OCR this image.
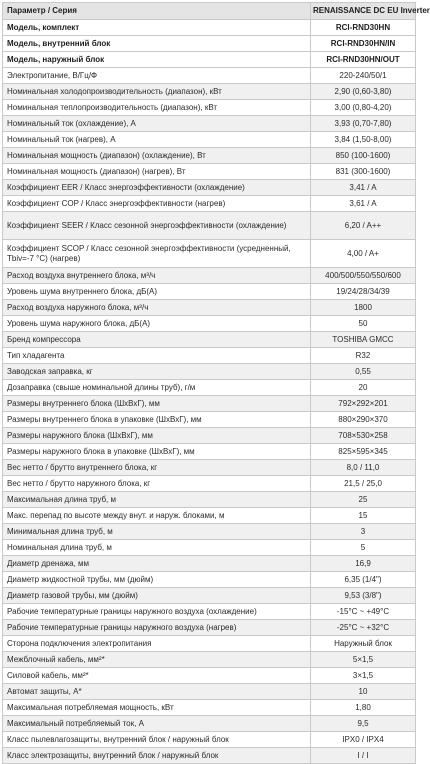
Параметр / Серия	RENAISSANCE DC EU Inverter
Модель, комплект	RCI-RND30HN
Модель, внутренний блок	RCI-RND30HN/IN
Модель, наружный блок	RCI-RND30HN/OUT
Электропитание, В/Гц/Ф	220-240/50/1
Номинальная холодопроизводительность (диапазон), кВт	2,90 (0,60-3,80)
Номинальная теплопроизводительность (диапазон), кВт	3,00 (0,80-4,20)
Номинальный ток (охлаждение), А	3,93 (0,70-7,80)
Номинальный ток (нагрев), А	3,84 (1,50-8,00)
Номинальная мощность (диапазон) (охлаждение), Вт	850 (100-1600)
Номинальная мощность (диапазон) (нагрев), Вт	831 (300-1600)
Коэффициент EER / Класс энергоэффективности (охлаждение)	3,41 / A
Коэффициент COP / Класс энергоэффективности (нагрев)	3,61 / A
Коэффициент SEER / Класс сезонной энергоэффективности (охлаждение)	6,20 / A++
Коэффициент SCOP / Класс сезонной энергоэффективности (усредненный, Tbiv=-7 °C) (нагрев)	4,00 / A+
Расход воздуха внутреннего блока, м³/ч	400/500/550/550/600
Уровень шума внутреннего блока, дБ(А)	19/24/28/34/39
Расход воздуха наружного блока, м³/ч	1800
Уровень шума наружного блока, дБ(А)	50
Бренд компрессора	TOSHIBA GMCC
Тип хладагента	R32
Заводская заправка, кг	0,55
Дозаправка (свыше номинальной длины труб), г/м	20
Размеры внутреннего блока (ШхВхГ), мм	792×292×201
Размеры внутреннего блока в упаковке (ШхВхГ), мм	880×290×370
Размеры наружного блока (ШхВхГ), мм	708×530×258
Размеры наружного блока в упаковке (ШхВхГ), мм	825×595×345
Вес нетто / брутто внутреннего блока, кг	8,0 / 11,0
Вес нетто / брутто наружного блока, кг	21,5 / 25,0
Максимальная длина труб, м	25
Макс. перепад по высоте между внут. и наруж. блоками, м	15
Минимальная длина труб, м	3
Номинальная длина труб, м	5
Диаметр дренажа, мм	16,9
Диаметр жидкостной трубы, мм (дюйм)	6,35 (1/4")
Диаметр газовой трубы, мм (дюйм)	9,53 (3/8")
Рабочие температурные границы наружного воздуха (охлаждение)	-15°C ~ +49°C
Рабочие температурные границы наружного воздуха (нагрев)	-25°C ~ +32°C
Сторона подключения электропитания	Наружный блок
Межблочный кабель, мм²*	5×1,5
Силовой кабель, мм²*	3×1,5
Автомат защиты, А*	10
Максимальная потребляемая мощность, кВт	1,80
Максимальный потребляемый ток, А	9,5
Класс пылевлагозащиты, внутренний блок / наружный блок	IPX0 / IPX4
Класс электрозащиты, внутренний блок / наружный блок	I / I
